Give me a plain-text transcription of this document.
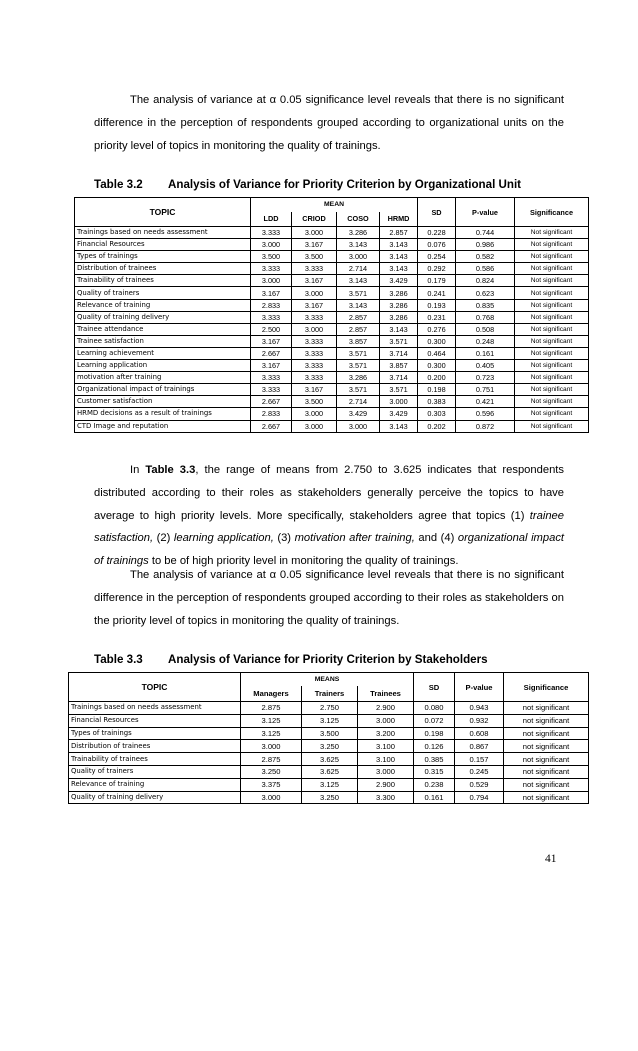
The analysis of variance at α 0.05 significance level reveals that there is no significant difference in the perception of respondents grouped according to organizational units on the priority level of topics in monitoring the quality of trainings.
Table 3.2 Analysis of Variance for Priority Criterion by Organizational Unit
TOPIC	MEAN				SD	P-value	Significance
	LDD	CRIOD	COSO	HRMD			
Trainings based on needs assessment	3.333	3.000	3.286	2.857	0.228	0.744	Not significant
Financial Resources	3.000	3.167	3.143	3.143	0.076	0.986	Not significant
Types of trainings	3.500	3.500	3.000	3.143	0.254	0.582	Not significant
Distribution of trainees	3.333	3.333	2.714	3.143	0.292	0.586	Not significant
Trainability of trainees	3.000	3.167	3.143	3.429	0.179	0.824	Not significant
Quality of trainers	3.167	3.000	3.571	3.286	0.241	0.623	Not significant
Relevance of training	2.833	3.167	3.143	3.286	0.193	0.835	Not significant
Quality of training delivery	3.333	3.333	2.857	3.286	0.231	0.768	Not significant
Trainee attendance	2.500	3.000	2.857	3.143	0.276	0.508	Not significant
Trainee satisfaction	3.167	3.333	3.857	3.571	0.300	0.248	Not significant
Learning achievement	2.667	3.333	3.571	3.714	0.464	0.161	Not significant
Learning application	3.167	3.333	3.571	3.857	0.300	0.405	Not significant
motivation after training	3.333	3.333	3.286	3.714	0.200	0.723	Not significant
Organizational impact of trainings	3.333	3.167	3.571	3.571	0.198	0.751	Not significant
Customer satisfaction	2.667	3.500	2.714	3.000	0.383	0.421	Not significant
HRMD decisions as a result of trainings	2.833	3.000	3.429	3.429	0.303	0.596	Not significant
CTD Image and reputation	2.667	3.000	3.000	3.143	0.202	0.872	Not significant
In Table 3.3, the range of means from 2.750 to 3.625 indicates that respondents distributed according to their roles as stakeholders generally perceive the topics to have average to high priority levels. More specifically, stakeholders agree that topics (1) trainee satisfaction, (2) learning application, (3) motivation after training, and (4) organizational impact of trainings to be of high priority level in monitoring the quality of trainings.
The analysis of variance at α 0.05 significance level reveals that there is no significant difference in the perception of respondents grouped according to their roles as stakeholders on the priority level of topics in monitoring the quality of trainings.
Table 3.3 Analysis of Variance for Priority Criterion by Stakeholders
TOPIC	MEANS			SD	P-value	Significance
	Managers	Trainers	Trainees			
Trainings based on needs assessment	2.875	2.750	2.900	0.080	0.943	not significant
Financial Resources	3.125	3.125	3.000	0.072	0.932	not significant
Types of trainings	3.125	3.500	3.200	0.198	0.608	not significant
Distribution of trainees	3.000	3.250	3.100	0.126	0.867	not significant
Trainability of trainees	2.875	3.625	3.100	0.385	0.157	not significant
Quality of trainers	3.250	3.625	3.000	0.315	0.245	not significant
Relevance of training	3.375	3.125	2.900	0.238	0.529	not significant
Quality of training delivery	3.000	3.250	3.300	0.161	0.794	not significant
41
